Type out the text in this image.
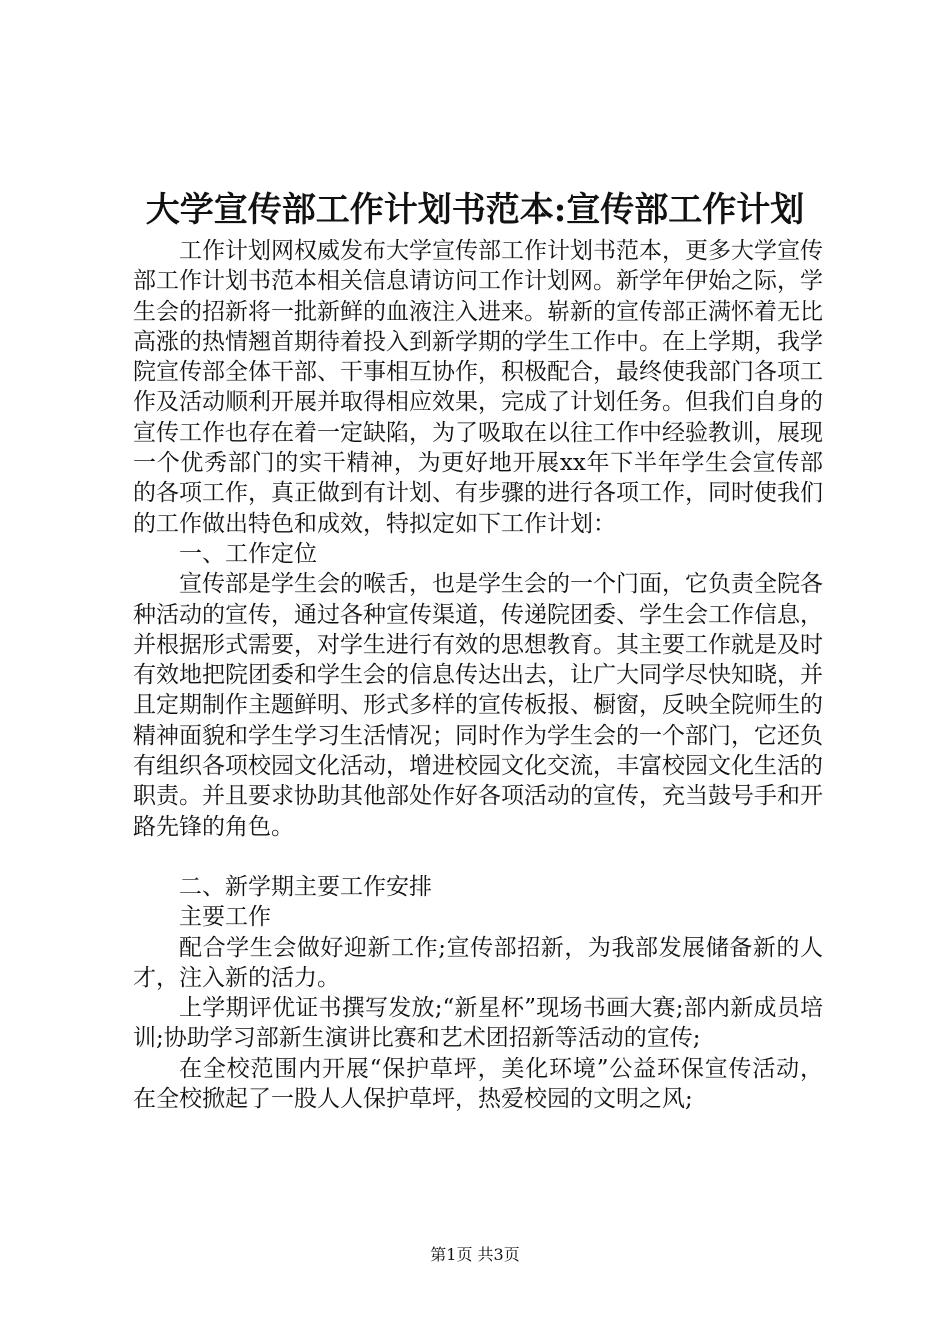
大学宣传部工作计划书范本:宣传部工作计划

工作计划网权威发布大学宣传部工作计划书范本，更多大学宣传部工作计划书范本相关信息请访问工作计划网。新学年伊始之际，学生会的招新将一批新鲜的血液注入进来。崭新的宣传部正满怀着无比高涨的热情翘首期待着投入到新学期的学生工作中。在上学期，我学院宣传部全体干部、干事相互协作，积极配合，最终使我部门各项工作及活动顺利开展并取得相应效果，完成了计划任务。但我们自身的宣传工作也存在着一定缺陷，为了吸取在以往工作中经验教训，展现一个优秀部门的实干精神，为更好地开展xx年下半年学生会宣传部的各项工作，真正做到有计划、有步骤的进行各项工作，同时使我们的工作做出特色和成效，特拟定如下工作计划：

一、工作定位

宣传部是学生会的喉舌，也是学生会的一个门面，它负责全院各种活动的宣传，通过各种宣传渠道，传递院团委、学生会工作信息，并根据形式需要，对学生进行有效的思想教育。其主要工作就是及时有效地把院团委和学生会的信息传达出去，让广大同学尽快知晓，并且定期制作主题鲜明、形式多样的宣传板报、橱窗，反映全院师生的精神面貌和学生学习生活情况；同时作为学生会的一个部门，它还负有组织各项校园文化活动，增进校园文化交流，丰富校园文化生活的职责。并且要求协助其他部处作好各项活动的宣传，充当鼓号手和开路先锋的角色。

二、新学期主要工作安排

主要工作

配合学生会做好迎新工作;宣传部招新，为我部发展储备新的人才，注入新的活力。

上学期评优证书撰写发放;“新星杯”现场书画大赛;部内新成员培训;协助学习部新生演讲比赛和艺术团招新等活动的宣传;

在全校范围内开展“保护草坪，美化环境”公益环保宣传活动，在全校掀起了一股人人保护草坪，热爱校园的文明之风;

第1页 共3页
